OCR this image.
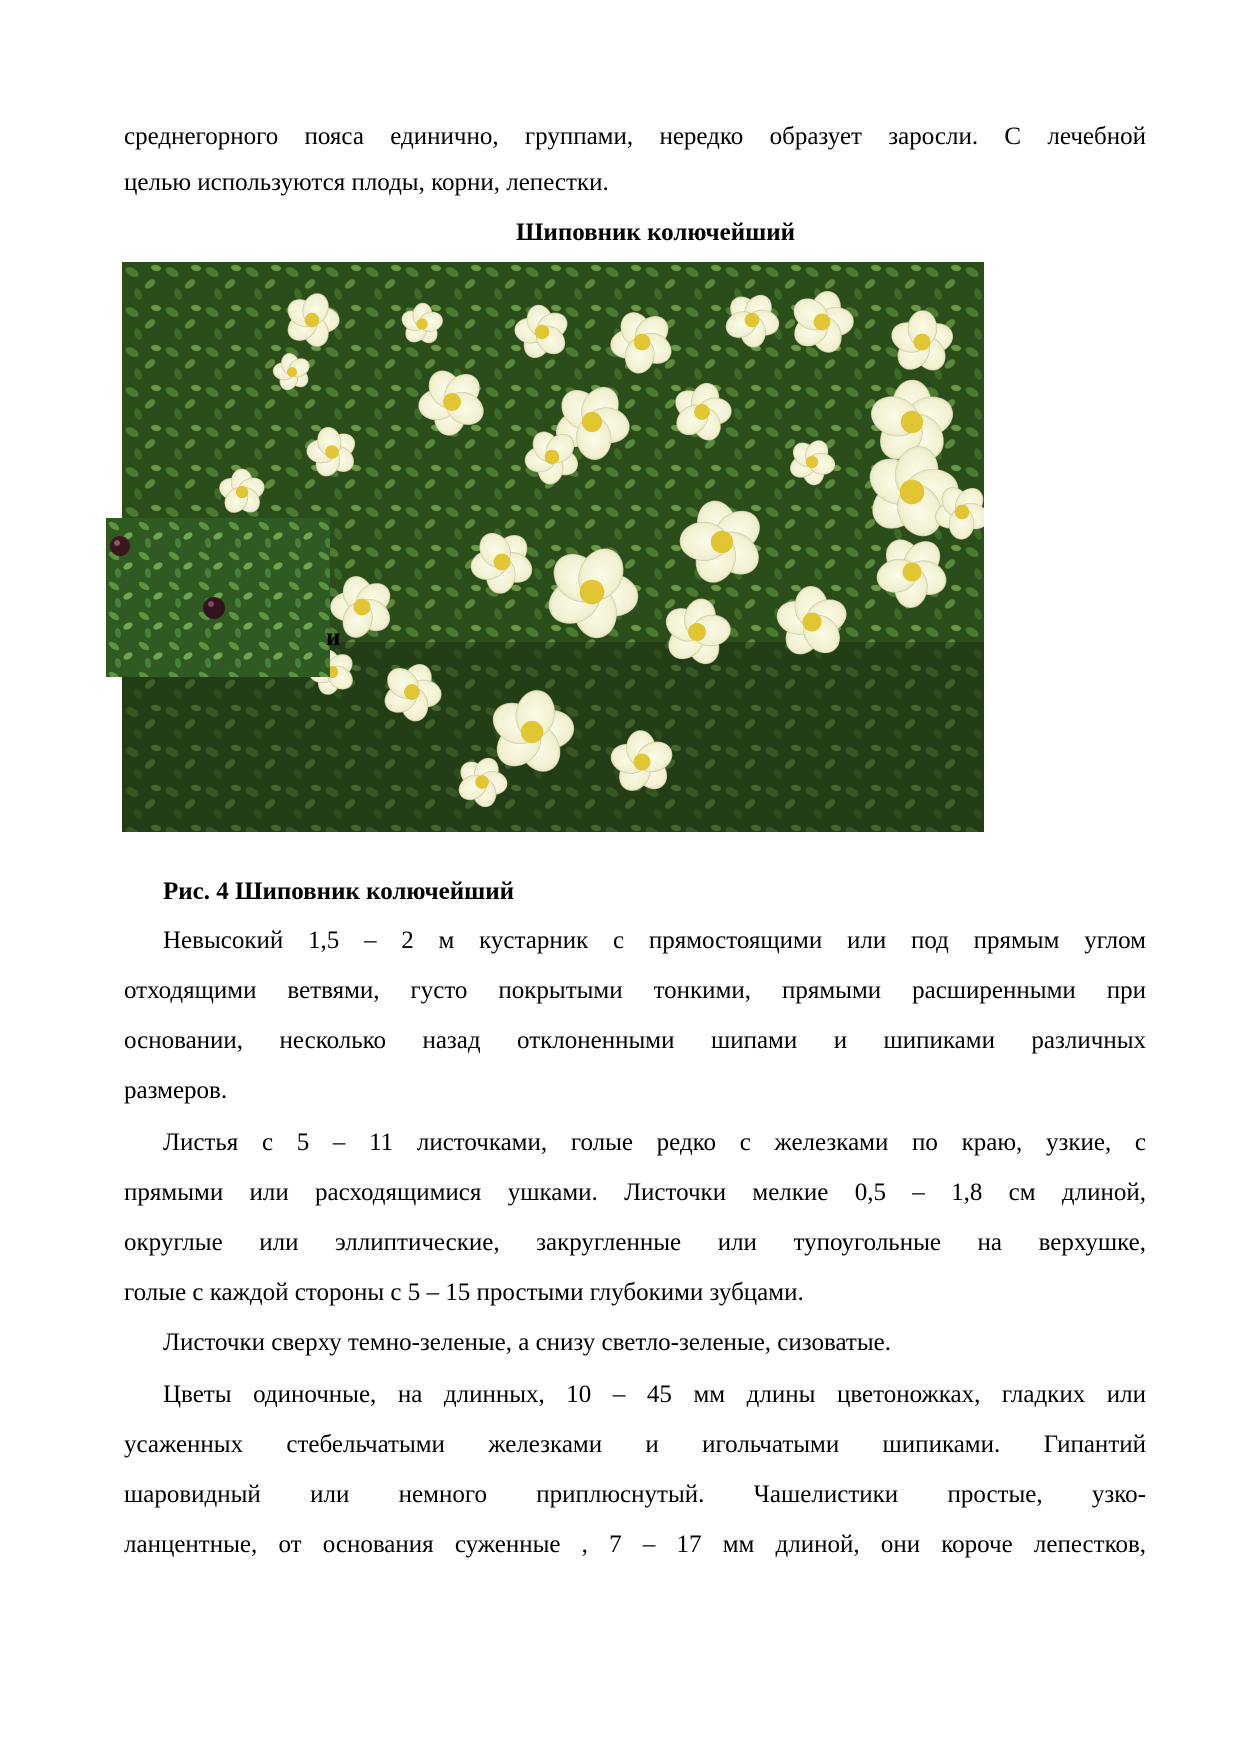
среднегорного пояса единично, группами, нередко образует заросли. С лечебной
целью используются плоды, корни, лепестки.
Шиповник колючейший
и
Рис. 4 Шиповник колючейший
Невысокий 1,5 – 2 м кустарник с прямостоящими или под прямым углом
отходящими ветвями, густо покрытыми тонкими, прямыми расширенными при
основании, несколько назад отклоненными шипами и шипиками различных
размеров.
Листья с 5 – 11 листочками, голые редко с железками по краю, узкие, с
прямыми или расходящимися ушками. Листочки мелкие 0,5 – 1,8 см длиной,
округлые или эллиптические, закругленные или тупоугольные на верхушке,
голые с каждой стороны с 5 – 15 простыми глубокими зубцами.
Листочки сверху темно-зеленые, а снизу светло-зеленые, сизоватые.
Цветы одиночные, на длинных, 10 – 45 мм длины цветоножках, гладких или
усаженных стебельчатыми железками и игольчатыми шипиками. Гипантий
шаровидный или немного приплюснутый. Чашелистики простые, узко-
ланцентные, от основания суженные , 7 – 17 мм длиной, они короче лепестков,
